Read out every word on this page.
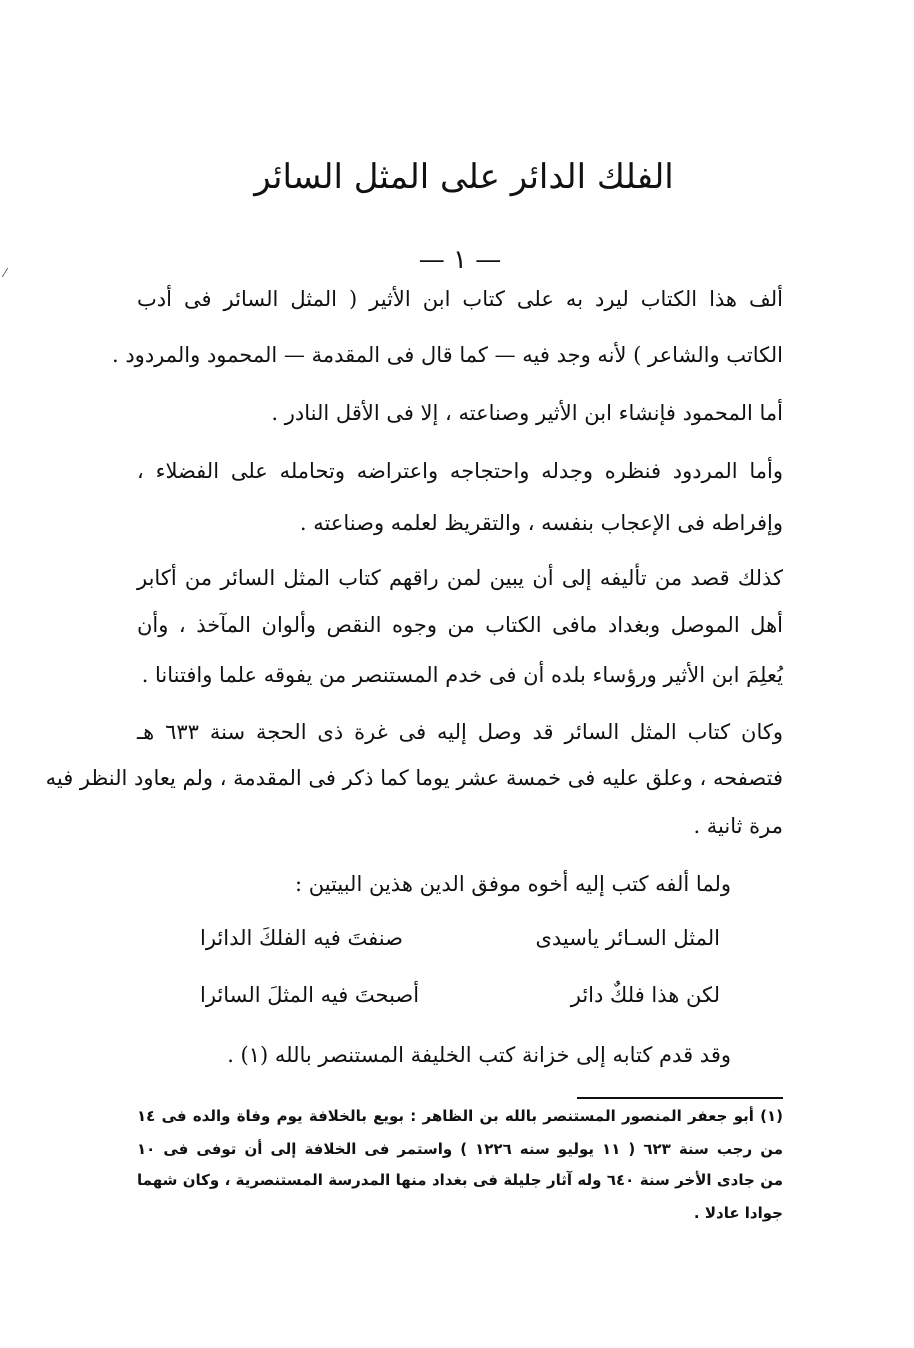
⁄
الفلك الدائر على المثل السائر
— ١ —
ألف هذا الكتاب ليرد به على كتاب ابن الأثير ( المثل السائر فى أدب
الكاتب والشاعر ) لأنه وجد فيه — كما قال فى المقدمة — المحمود والمردود .
أما المحمود فإنشاء ابن الأثير وصناعته ، إلا فى الأقل النادر .
وأما المردود فنظره وجدله واحتجاجه واعتراضه وتحامله على الفضلاء ،
وإفراطه فى الإعجاب بنفسه ، والتقريظ لعلمه وصناعته .
كذلك قصد من تأليفه إلى أن يبين لمن راقهم كتاب المثل السائر من أكابر
أهل الموصل وبغداد مافى الكتاب من وجوه النقص وألوان المآخذ ، وأن
يُعلِمَ ابن الأثير ورؤساء بلده أن فى خدم المستنصر من يفوقه علما وافتنانا .
وكان كتاب المثل السائر قد وصل إليه فى غرة ذى الحجة سنة ٦٣٣ هـ
فتصفحه ، وعلق عليه فى خمسة عشر يوما كما ذكر فى المقدمة ، ولم يعاود النظر فيه
مرة ثانية .
ولما ألفه كتب إليه أخوه موفق الدين هذين البيتين :
المثل السـائر ياسيدى
صنفتَ فيه الفلكَ الدائرا
لكن هذا فلكٌ دائر
أصبحتَ فيه المثلَ السائرا
وقد قدم كتابه إلى خزانة كتب الخليفة المستنصر بالله (١) .
(١) أبو جعفر المنصور المستنصر بالله بن الظاهر : بويع بالخلافة يوم وفاة والده فى ١٤
من رجب سنة ٦٢٣ ( ١١ يوليو سنه ١٢٢٦ ) واستمر فى الخلافة إلى أن توفى فى ١٠
من جادى الأخر سنة ٦٤٠ وله آثار جليلة فى بغداد منها المدرسة المستنصرية ، وكان شهما
جوادا عادلا .
